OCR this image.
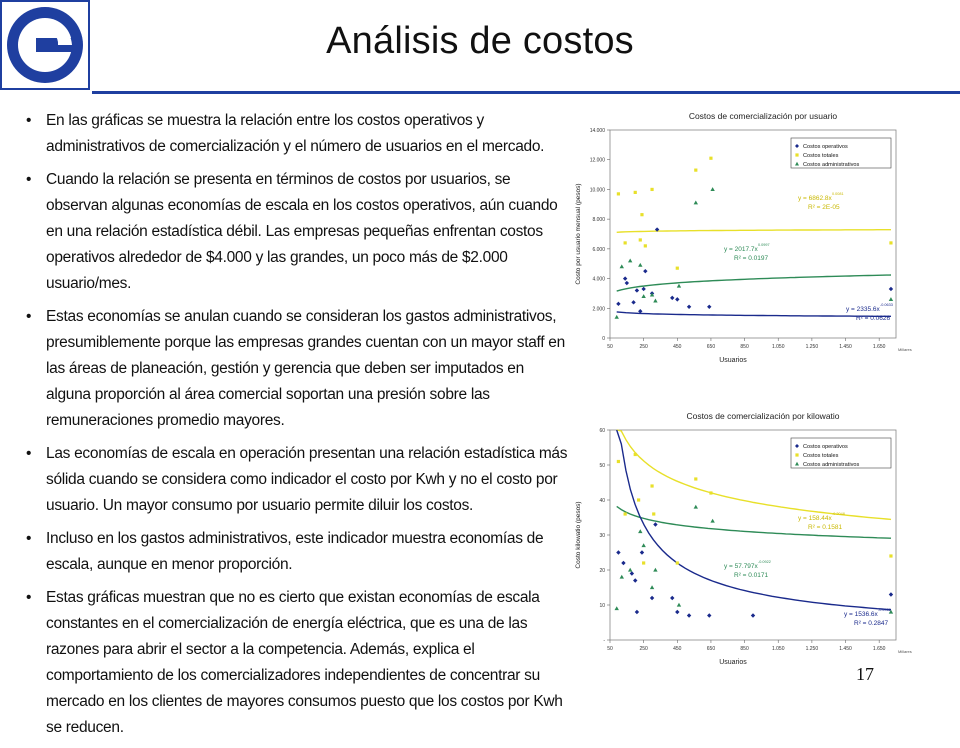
Análisis de costos
• En las gráficas se muestra la relación entre los costos operativos y administrativos de comercialización y el número de usuarios en el mercado.
• Cuando la relación se presenta en términos de costos por usuarios, se observan algunas economías de escala en los costos operativos, aún cuando en una relación estadística débil. Las empresas pequeñas enfrentan costos operativos alrededor de $4.000 y las grandes, un poco más de $2.000 usuario/mes.
• Estas economías se anulan cuando se consideran los gastos administrativos, presumiblemente porque las empresas grandes cuentan con un mayor staff en las áreas de planeación, gestión y gerencia que deben ser imputados en alguna proporción al área comercial soportan una presión sobre las remuneraciones promedio mayores.
• Las economías de escala en operación presentan una relación estadística más sólida cuando se considera como indicador el costo por Kwh y no el costo por usuario. Un mayor consumo por usuario permite diluir los costos.
• Incluso en los gastos administrativos, este indicador muestra economías de escala, aunque en menor proporción.
• Estas gráficas muestran que no es cierto que existan economías de escala constantes en el comercialización de energía eléctrica, que es una de las razones para abrir el sector a la competencia. Además, explica el comportamiento de los comercializadores independientes de concentrar su mercado en los clientes de mayores consumos puesto que los costos por Kwh se reducen.
Costos de comercialización por usuario
0
2.000
4.000
6.000
8.000
10.000
12.000
14.000
50	250	450	650	850	1.050	1.250	1.450	1.650	Millares
Usuarios
Costo por usuario mensual (pesos)
Costos operativos
Costos totales
Costos administrativos
y = 6862.8x
0.0081
R² = 2E-05
y = 2017.7x
0.0997
R² = 0.0197
y = 2335.6x
-0.0633
R² = 0.0626
Costos de comercialización por kilowatio
-
10
20
30
40
50
60
50	250	450	650	850	1.050	1.250	1.450	1.650	Millares
Usuarios
Costo kilowatio (pesos)
Costos operativos
Costos totales
Costos administrativos
y = 158.44x
-0.2048
R² = 0.1581
y = 57.797x
-0.0922
R² = 0.0171
y = 1536.6x
-0.6952
R² = 0.2847
17
